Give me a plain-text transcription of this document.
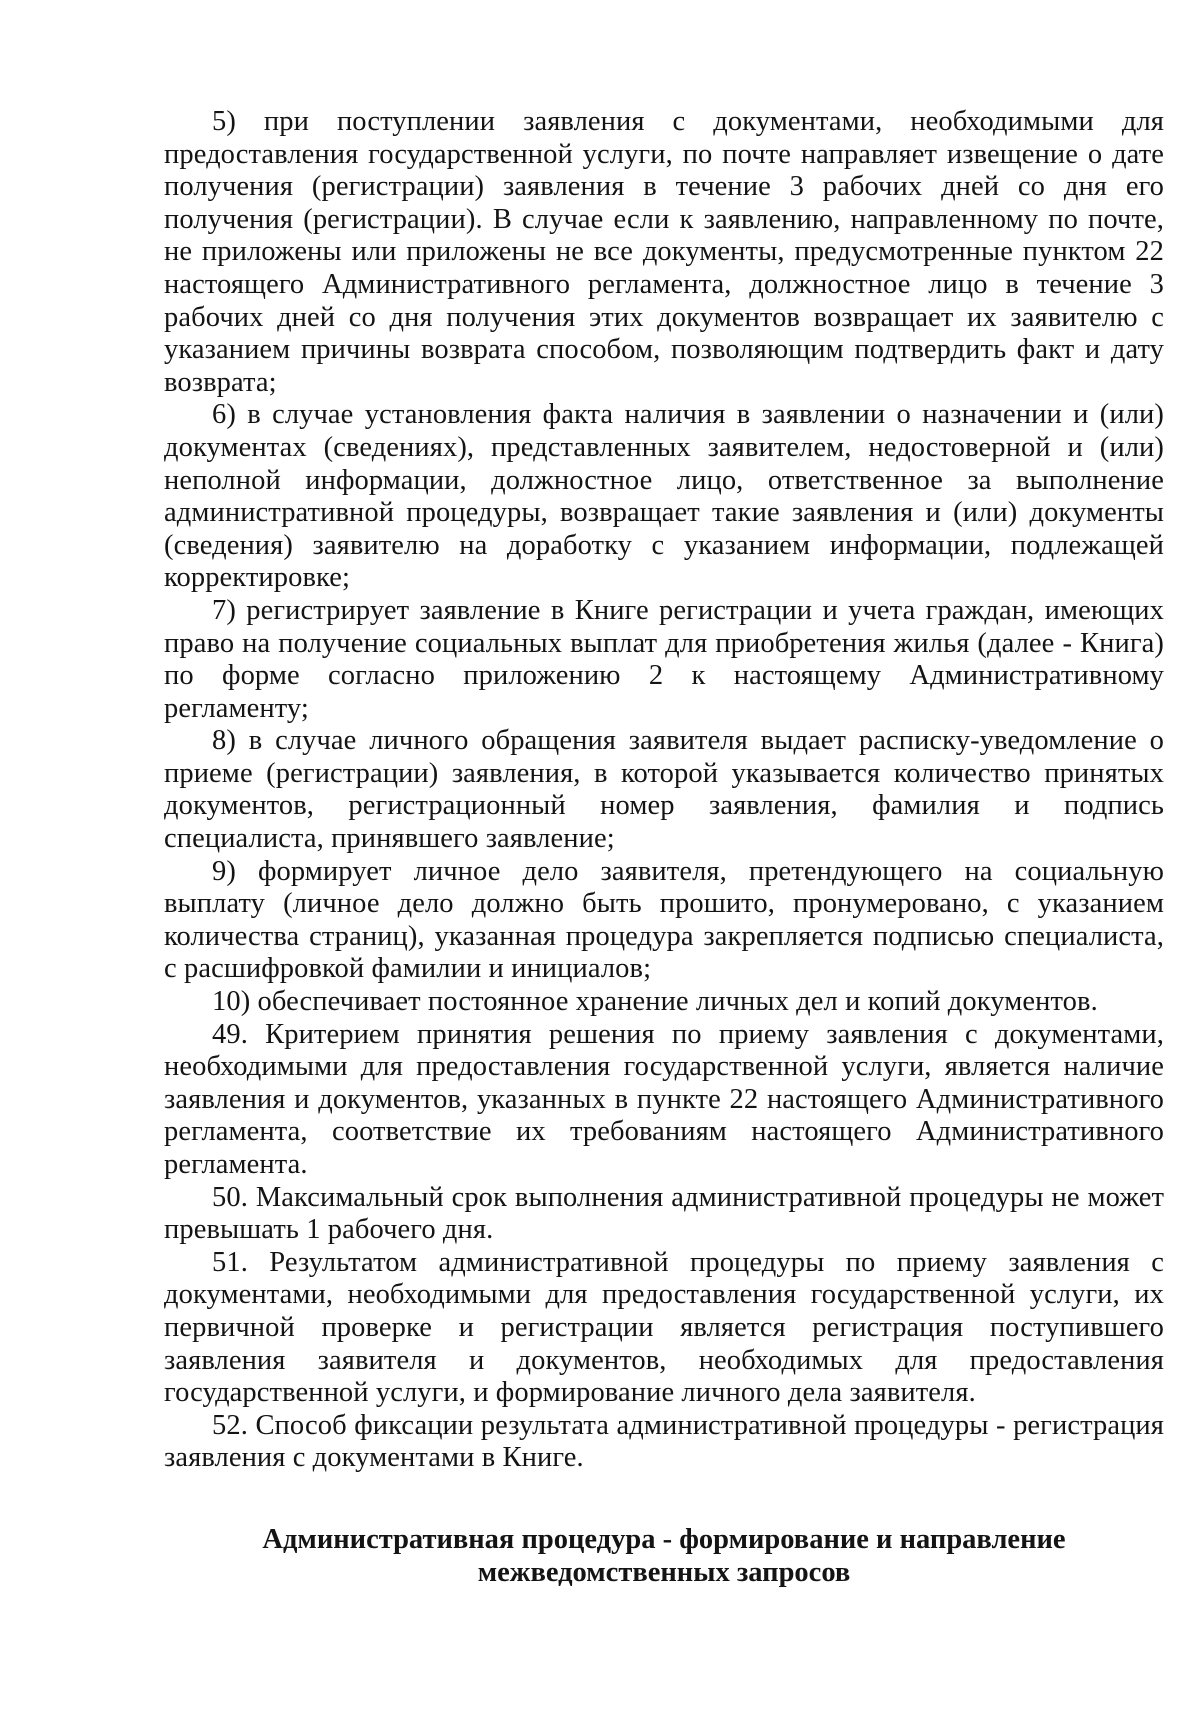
5) при поступлении заявления с документами, необходимыми для предоставления государственной услуги, по почте направляет извещение о дате получения (регистрации) заявления в течение 3 рабочих дней со дня его получения (регистрации). В случае если к заявлению, направленному по почте, не приложены или приложены не все документы, предусмотренные пунктом 22 настоящего Административного регламента, должностное лицо в течение 3 рабочих дней со дня получения этих документов возвращает их заявителю с указанием причины возврата способом, позволяющим подтвердить факт и дату возврата;

6) в случае установления факта наличия в заявлении о назначении и (или) документах (сведениях), представленных заявителем, недостоверной и (или) неполной информации, должностное лицо, ответственное за выполнение административной процедуры, возвращает такие заявления и (или) документы (сведения) заявителю на доработку с указанием информации, подлежащей корректировке;

7) регистрирует заявление в Книге регистрации и учета граждан, имеющих право на получение социальных выплат для приобретения жилья (далее - Книга) по форме согласно приложению 2 к настоящему Административному регламенту;

8) в случае личного обращения заявителя выдает расписку-уведомление о приеме (регистрации) заявления, в которой указывается количество принятых документов, регистрационный номер заявления, фамилия и подпись специалиста, принявшего заявление;

9) формирует личное дело заявителя, претендующего на социальную выплату (личное дело должно быть прошито, пронумеровано, с указанием количества страниц), указанная процедура закрепляется подписью специалиста, с расшифровкой фамилии и инициалов;

10) обеспечивает постоянное хранение личных дел и копий документов.

49. Критерием принятия решения по приему заявления с документами, необходимыми для предоставления государственной услуги, является наличие заявления и документов, указанных в пункте 22 настоящего Административного регламента, соответствие их требованиям настоящего Административного регламента.

50. Максимальный срок выполнения административной процедуры не может превышать 1 рабочего дня.

51. Результатом административной процедуры по приему заявления с документами, необходимыми для предоставления государственной услуги, их первичной проверке и регистрации является регистрация поступившего заявления заявителя и документов, необходимых для предоставления государственной услуги, и формирование личного дела заявителя.

52. Способ фиксации результата административной процедуры - регистрация заявления с документами в Книге.

Административная процедура - формирование и направление
межведомственных запросов
